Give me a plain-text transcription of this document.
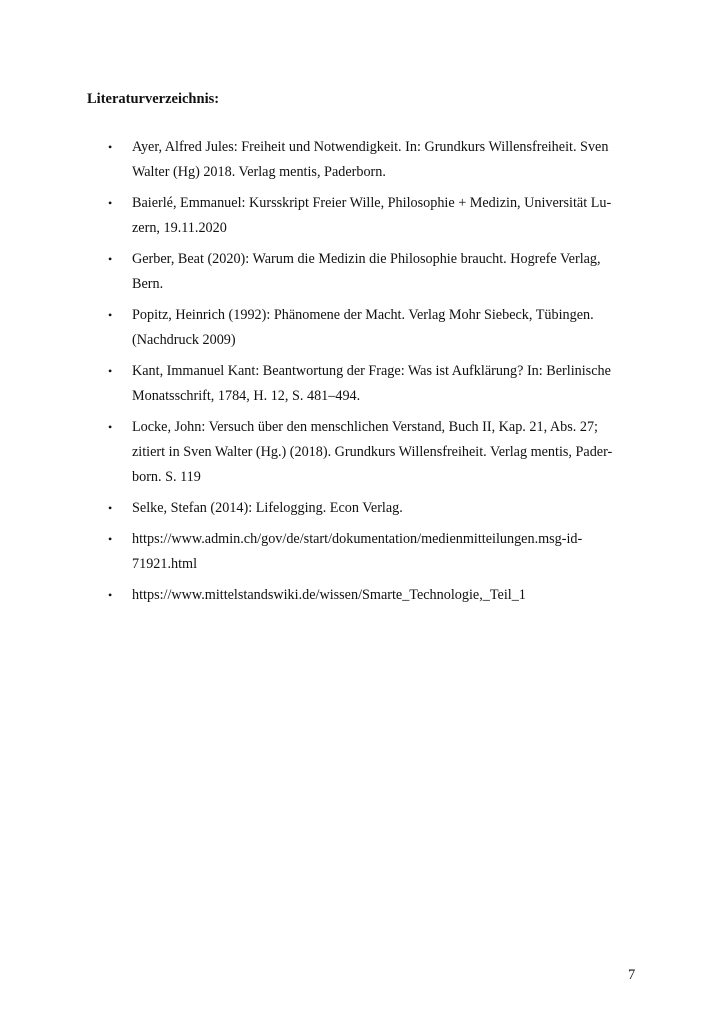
Literaturverzeichnis:
• Ayer, Alfred Jules: Freiheit und Notwendigkeit. In: Grundkurs Willensfreiheit. Sven
Walter (Hg) 2018. Verlag mentis, Paderborn.
• Baierlé, Emmanuel: Kursskript Freier Wille, Philosophie + Medizin, Universität Lu-
zern, 19.11.2020
• Gerber, Beat (2020): Warum die Medizin die Philosophie braucht. Hogrefe Verlag,
Bern.
• Popitz, Heinrich (1992): Phänomene der Macht. Verlag Mohr Siebeck, Tübingen.
(Nachdruck 2009)
• Kant, Immanuel Kant: Beantwortung der Frage: Was ist Aufklärung? In: Berlinische
Monatsschrift, 1784, H. 12, S. 481–494.
• Locke, John: Versuch über den menschlichen Verstand, Buch II, Kap. 21, Abs. 27;
zitiert in Sven Walter (Hg.) (2018). Grundkurs Willensfreiheit. Verlag mentis, Pader-
born. S. 119
• Selke, Stefan (2014): Lifelogging. Econ Verlag.
• https://www.admin.ch/gov/de/start/dokumentation/medienmitteilungen.msg-id-
71921.html
• https://www.mittelstandswiki.de/wissen/Smarte_Technologie,_Teil_1
7
